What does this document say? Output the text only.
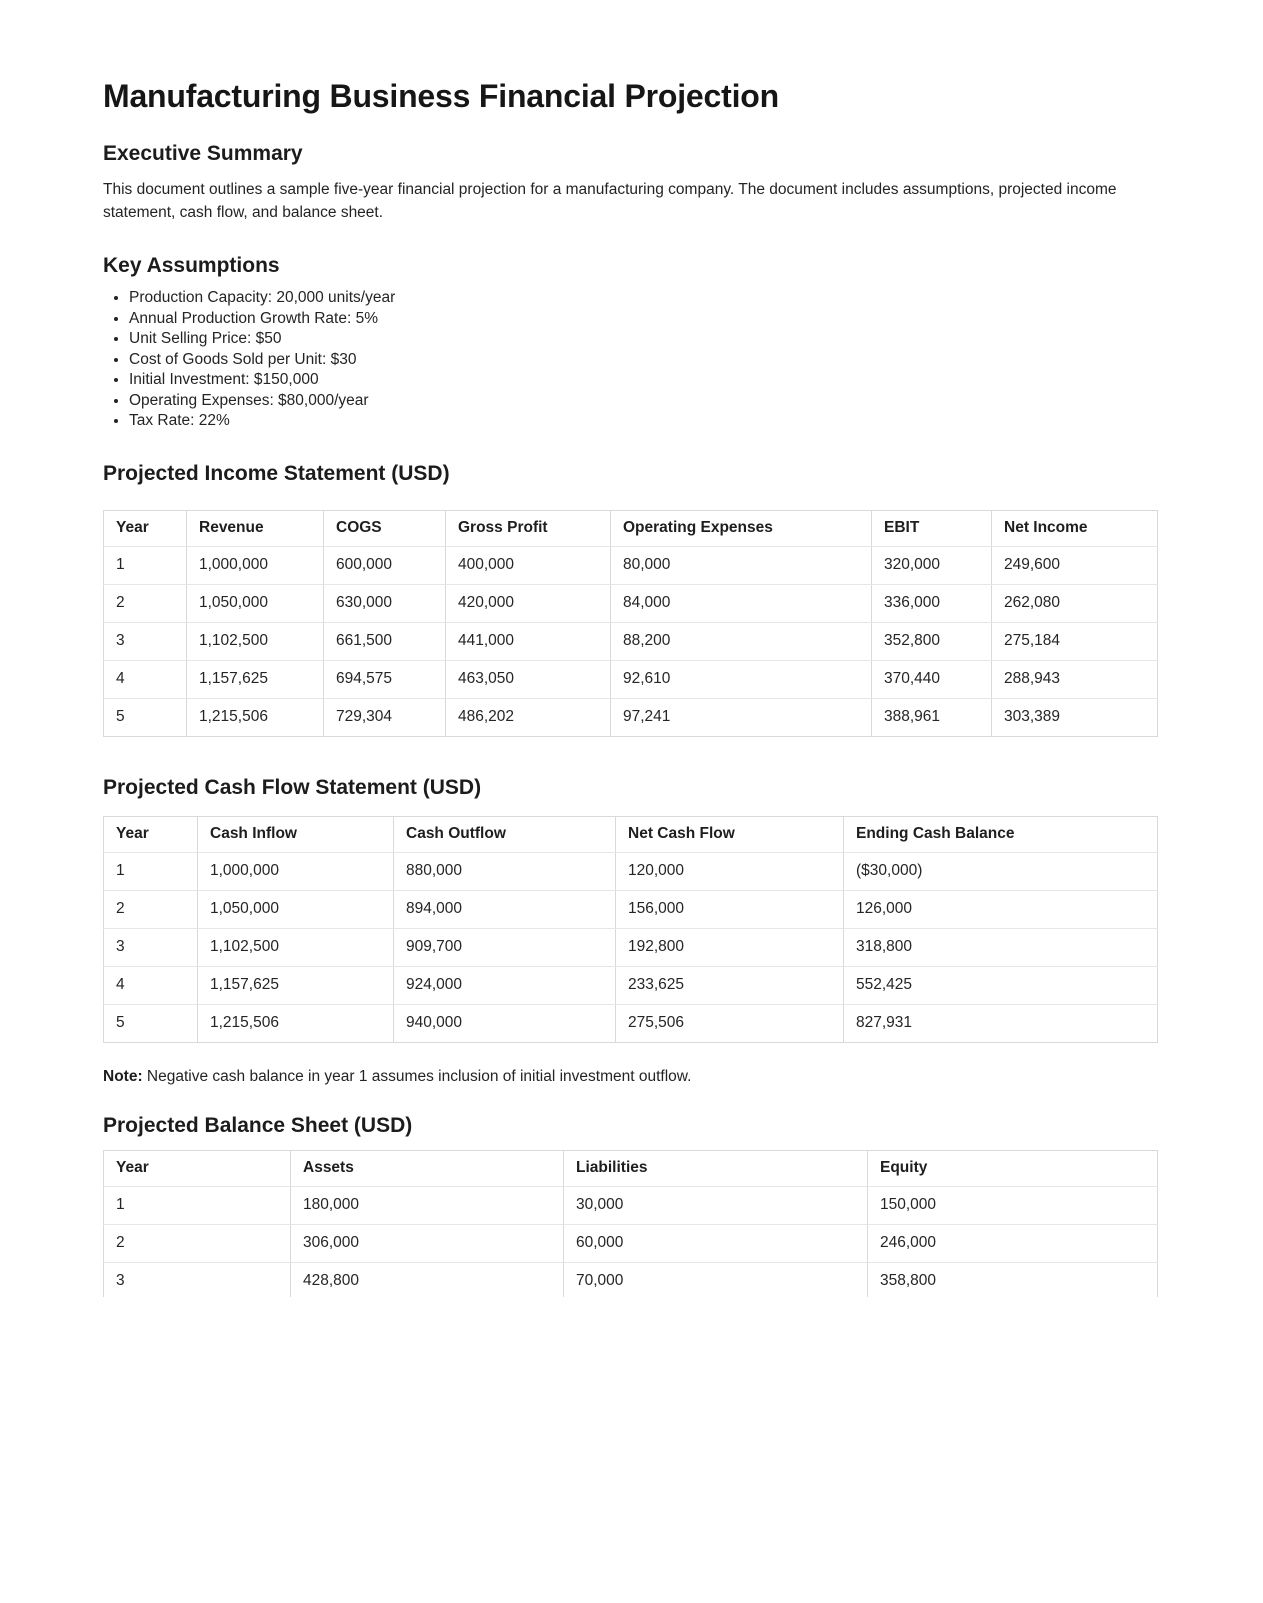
Manufacturing Business Financial Projection
Executive Summary

This document outlines a sample five-year financial projection for a manufacturing company. The document includes assumptions, projected income statement, cash flow, and balance sheet.

Key Assumptions
• Production Capacity: 20,000 units/year
• Annual Production Growth Rate: 5%
• Unit Selling Price: $50
• Cost of Goods Sold per Unit: $30
• Initial Investment: $150,000
• Operating Expenses: $80,000/year
• Tax Rate: 22%
Projected Income Statement (USD)
Year	Revenue	COGS	Gross Profit	Operating Expenses	EBIT	Net Income
1	1,000,000	600,000	400,000	80,000	320,000	249,600
2	1,050,000	630,000	420,000	84,000	336,000	262,080
3	1,102,500	661,500	441,000	88,200	352,800	275,184
4	1,157,625	694,575	463,050	92,610	370,440	288,943
5	1,215,506	729,304	486,202	97,241	388,961	303,389
Projected Cash Flow Statement (USD)
Year	Cash Inflow	Cash Outflow	Net Cash Flow	Ending Cash Balance
1	1,000,000	880,000	120,000	($30,000)
2	1,050,000	894,000	156,000	126,000
3	1,102,500	909,700	192,800	318,800
4	1,157,625	924,000	233,625	552,425
5	1,215,506	940,000	275,506	827,931

Note: Negative cash balance in year 1 assumes inclusion of initial investment outflow.

Projected Balance Sheet (USD)
Year	Assets	Liabilities	Equity
1	180,000	30,000	150,000
2	306,000	60,000	246,000
3	428,800	70,000	358,800
